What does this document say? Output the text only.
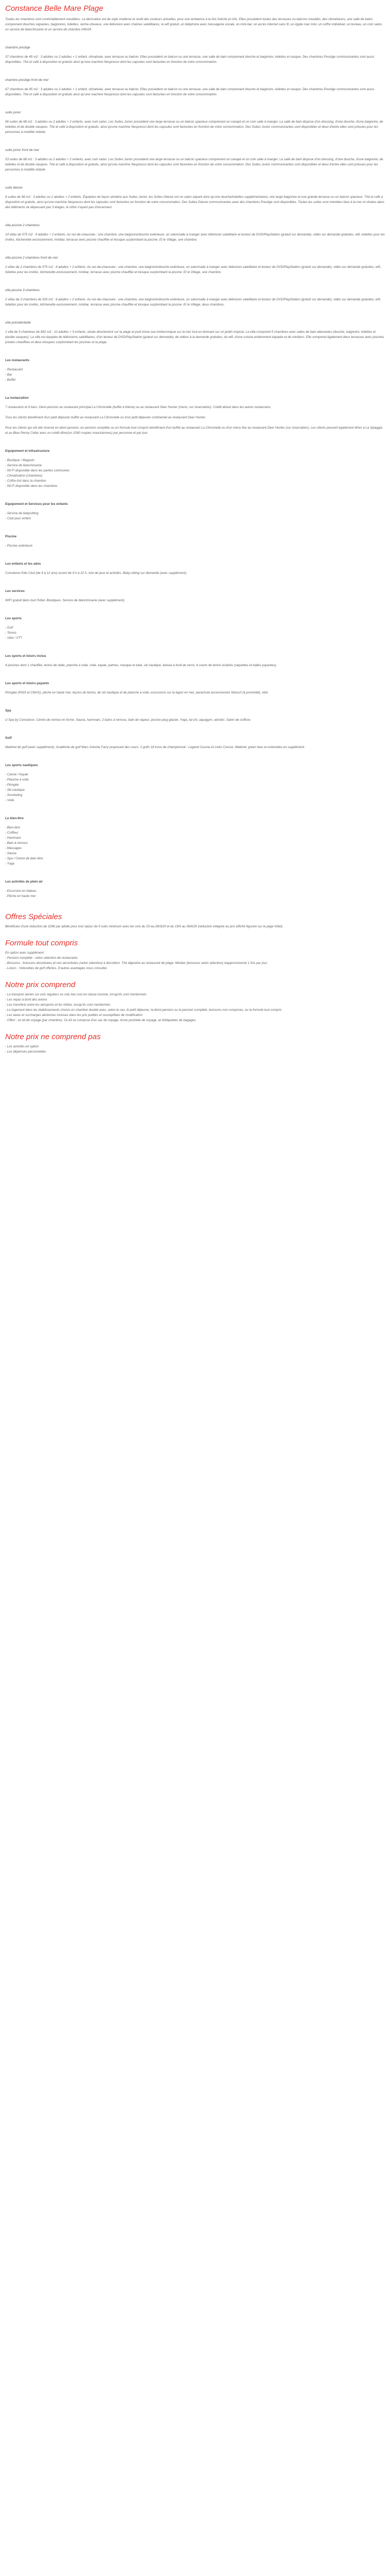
Constance Belle Mare Plage

Toutes les chambres sont confortablement meublées. La décoration est de style moderne et revêt des couleurs actuelles, pour une ambiance à la fois fraîche et chic. Elles possèdent toutes des terrasses ou balcons meublés, des climatiseurs, une salle de bains comprenant douches séparées, baignoires, toilettes, sèche-cheveux, une télévision avec chaînes satellitaires, le wifi gratuit, un téléphone avec messagerie vocale, un mini-bar, un accès internet sans fil, un Apple mac mini, un coffre individuel, un bureau, un coin salon, un service de blanchisserie et un service de chambre 24h/24.

chambre prestige

37 chambres de 45 m2 : 3 adultes ou 2 adultes + 1 enfant, climatisée, avec terrasse ou balcon. Elles possèdent un balcon ou une terrasse, une salle de bain comprenant douche et baignoire, toilettes et vasque. Des chambres Prestige communicantes sont aussi disponibles. Thé et café à disposition et gratuits ainsi qu'une machine Nespresso dont les capsules sont facturées en fonction de votre consommation.

chambre prestige front de mer

67 chambres de 45 m2 : 3 adultes ou 2 adultes + 1 enfant, climatisée, avec terrasse ou balcon. Elles possèdent un balcon ou une terrasse, une salle de bain comprenant douche et baignoire, toilettes et vasque. Des chambres Prestige communicantes sont aussi disponibles. Thé et café à disposition et gratuits ainsi qu'une machine Nespresso dont les capsules sont facturées en fonction de votre consommation.

suite junior

96 suites de 68 m2 : 3 adultes ou 2 adultes + 2 enfants, avec coin salon. Les Suites Junior possèdent une large terrasse ou un balcon spacieux comprenant un canapé et un coin salle à manger. La salle de bain dispose d'un dressing, d'une douche, d'une baignoire, de toilettes et de double vasques. Thé et café à disposition et gratuits, ainsi qu'une machine Nespresso dont les capsules sont facturées en fonction de votre consommation. Des Suites Junior communicantes sont disponibles et deux d'entre elles sont prévues pour les personnes à mobilité réduite.

suite junior front de mer

53 suites de 68 m2 : 3 adultes ou 2 adultes + 2 enfants, avec coin salon. Les Suites Junior possèdent une large terrasse ou un balcon spacieux comprenant un canapé et un coin salle à manger. La salle de bain dispose d'un dressing, d'une douche, d'une baignoire, de toilettes et de double vasques. Thé et café à disposition et gratuits, ainsi qu'une machine Nespresso dont les capsules sont facturées en fonction de votre consommation. Des Suites Junior communicantes sont disponibles et deux d'entre elles sont prévues pour les personnes à mobilité réduite.

suite deluxe

6 suites de 96 m2 : 3 adultes ou 2 adultes + 2 enfants. Équipées de façon similaire aux Suites Junior, les Suites Deluxe ont un salon séparé ainsi qu'une douche/toilettes supplémentaires, une large baignoire et une grande terrasse ou un balcon spacieux. Thé et café à disposition et gratuits, ainsi qu'une machine Nespresso dont les capsules sont facturées en fonction de votre consommation. Des Suites Deluxe communicantes avec des chambres Prestige sont disponibles. Toutes les suites sont orientées face à la mer et situées dans des bâtiments ne dépassant pas 3 étages, le nôtre n'ayant pas d'ascenseur.

villa piscine 2 chambres

14 villas de 575 m2 : 4 adultes + 2 enfants. Au rez-de-chaussée : une chambre, une baignoire/douche extérieure, un salon/salle à manger avec télévision satellitaire et lecteur de DVD/PlayStation (gratuit sur demande), vidéo sur demande gratuites, wifi, toilettes pour les invités, kitchenette exclusivement, minibar, terrasse avec piscine chauffée et kiosque surplombant la piscine. Et le Village, une chambre.

villa piscine 2 chambres front de mer

2 villas de 2 chambres de 575 m2 : 4 adultes + 2 enfants. Au rez-de-chaussée : une chambre, une baignoire/douche extérieure, un salon/salle à manger avec télévision satellitaire et lecteur de DVD/PlayStation (gratuit sur demande), vidéo sur demande gratuites, wifi, toilettes pour les invités, kitchenette exclusivement, minibar, terrasse avec piscine chauffée et kiosque surplombant la piscine. Et le Village, une chambre.

villa piscine 3 chambres

2 villas de 3 chambres de 525 m2 : 4 adultes + 2 enfants. Au rez-de-chaussée : une chambre, une baignoire/douche extérieure, un salon/salle à manger avec télévision satellitaire et lecteur de DVD/PlayStation (gratuit sur demande), vidéo sur demande gratuites, wifi, toilettes pour les invités, kitchenette exclusivement, minibar, terrasse avec piscine chauffée et kiosque surplombant la piscine. Et le Village, deux chambres.

villa présidentielle

1 villa de 5 chambres de 852 m2 : 10 adultes + 5 enfants, située directement sur la plage et jouit d'une vue ininterrompue sur la mer tout en donnant sur un jardin tropical. La villa comprend 5 chambres avec salles de bain attenantes (douche, baignoire, toilettes et double vasques). La villa est équipée de télévisions satellitaires, d'un lecteur de DVD/PlayStation (gratuit sur demande), de vidéos à la demande gratuites, du wifi, d'une cuisine entièrement équipée et de minibars. Elle comprend également deux terrasses avec piscines privées chauffées et deux kiosques surplombant les piscines et la plage.

Les restaurants
- Restaurant
- Bar
- Buffet
La restauration

7 restaurants et 6 bars. Demi-pension au restaurant principal La Citronnelle (buffet à thème) ou au restaurant Deer Hunter (menu, sur réservation). Crédit alloué dans les autres restaurants.

Tous les clients bénéficient d'un petit déjeuner buffet au restaurant La Citronnelle ou d'un petit déjeuner continental au restaurant Deer Hunter.

Pour les clients qui ont été réservé en demi-pension, en pension complète ou en formule tout compris bénéficient d'un buffet au restaurant La Citronnelle ou d'un menu fixe au restaurant Deer Hunter (sur réservation). Les clients peuvent également dîner à La Spiaggia et au Blue Penny Cellar avec un crédit dîner(un 1090 roupies mauriciennes) par personne et par jour.

Equipement et infrastructure
- Boutique / Magasin
- Service de blanchisserie
- Wi-Fi disponible dans les parties communes
- Climatisation (chambres)
- Coffre-fort dans la chambre
- Wi-Fi disponible dans les chambres
Equipement et Services pour les enfants
- Service de babysitting
- Club pour enfant
Piscine
- Piscine extérieure
Les enfants et les ados

Constance Kids Club (de 4 à 12 ans) ouvert de 9 h à 22 h. Aire de jeux et activités. Baby-sitting sur demande (avec supplément).

Les services

WIFI gratuit dans tout l'hôtel. Boutiques. Service de blanchisserie (avec supplément).

Les sports
- Golf
- Tennis
- Vélo / VTT
Les sports et loisirs inclus

4 piscines dont 1 chauffée, tennis de table, planche à voile, voile, kayak, palmes, masque et tuba, ski nautique, kelsea à fond de verre, 4 courts de tennis éclairés (raquettes et balles payantes).

Les sports et loisirs payants

Plongée (PADI et CMAS), pêche en haute mer, leçons de tennis, de ski nautique et de planche à voile, excursions sur la lagon en mer, parachute ascensionnel, kitesurf (à proximité), vélo.

Spa

U Spa by Constance. Centre de remise en forme. Sauna, hammam, 2 bains à remous, bain de vapeur, piscine plug glacée. Yoga, tai-chi, aquagym, aérobic. Salon de coiffure.

Golf

Matériel de golf (avec supplément). Académie de golf Marc-Antoine Farry proposant des cours. 2 golfs 18 trous de championnat : Legend Course et Links Course. Matériel, green fees et voiturettes en supplément.

Les sports nautiques
- Canoë / Kayak
- Planche à voile
- Plongée
- Ski nautique
- Snorkeling
- Voile
Le bien-être
- Bien-être
- Coiffeur
- Hammam
- Bain à remous
- Massages
- Sauna
- Spa / Centre de bien-être
- Yoga
Les activités de plein air
- Excursion en bateau
- Pêche en haute mer
Offres Spéciales

Bénéficiez d'une réduction de 100€ par adulte pour tout séjour de 5 nuits minimum avec les vols du 15-au-28/3/20 et du 19/5 au 26/6/20 (réduction intégrée au prix affiché figurant sur la page hôtel).

Formule tout compris
En option avec supplément :
- Pension complète : selon sélection de restaurants.
- Boissons : boissons alcoolisées et non alcoolisées (selon sélection) à discrétion. Thé digestive au restaurant de plage. Minibar (boissons selon sélection) réapprovisionné 1 fois par jour.
- Loisirs : Voiturettes de golf offertes. D'autres avantages nous consulter.
Notre prix comprend
- Le transport aérien sur vols réguliers ou vols low cost en classe touriste, lorsqu'ils sont mentionnés
- Les repas à bord des avions
- Les transferts entre les aéroports et les hôtels, lorsqu'ils sont mentionnés
- Le logement dans les établissements choisis en chambre double avec, selon le cas, le petit déjeuner, la demi-pension ou la pension complète, boissons non comprises, ou la formule tout compris
- Les taxes et surcharges aériennes incluses dans les prix publiés et susceptibles de modification
- Offert : un kit de voyage (par chambre). Ce kit se compose d'un sac de voyage, d'une pochette de voyage, et d'étiquettes de bagages.
Notre prix ne comprend pas
- Les activités en option
- Les dépenses personnelles
